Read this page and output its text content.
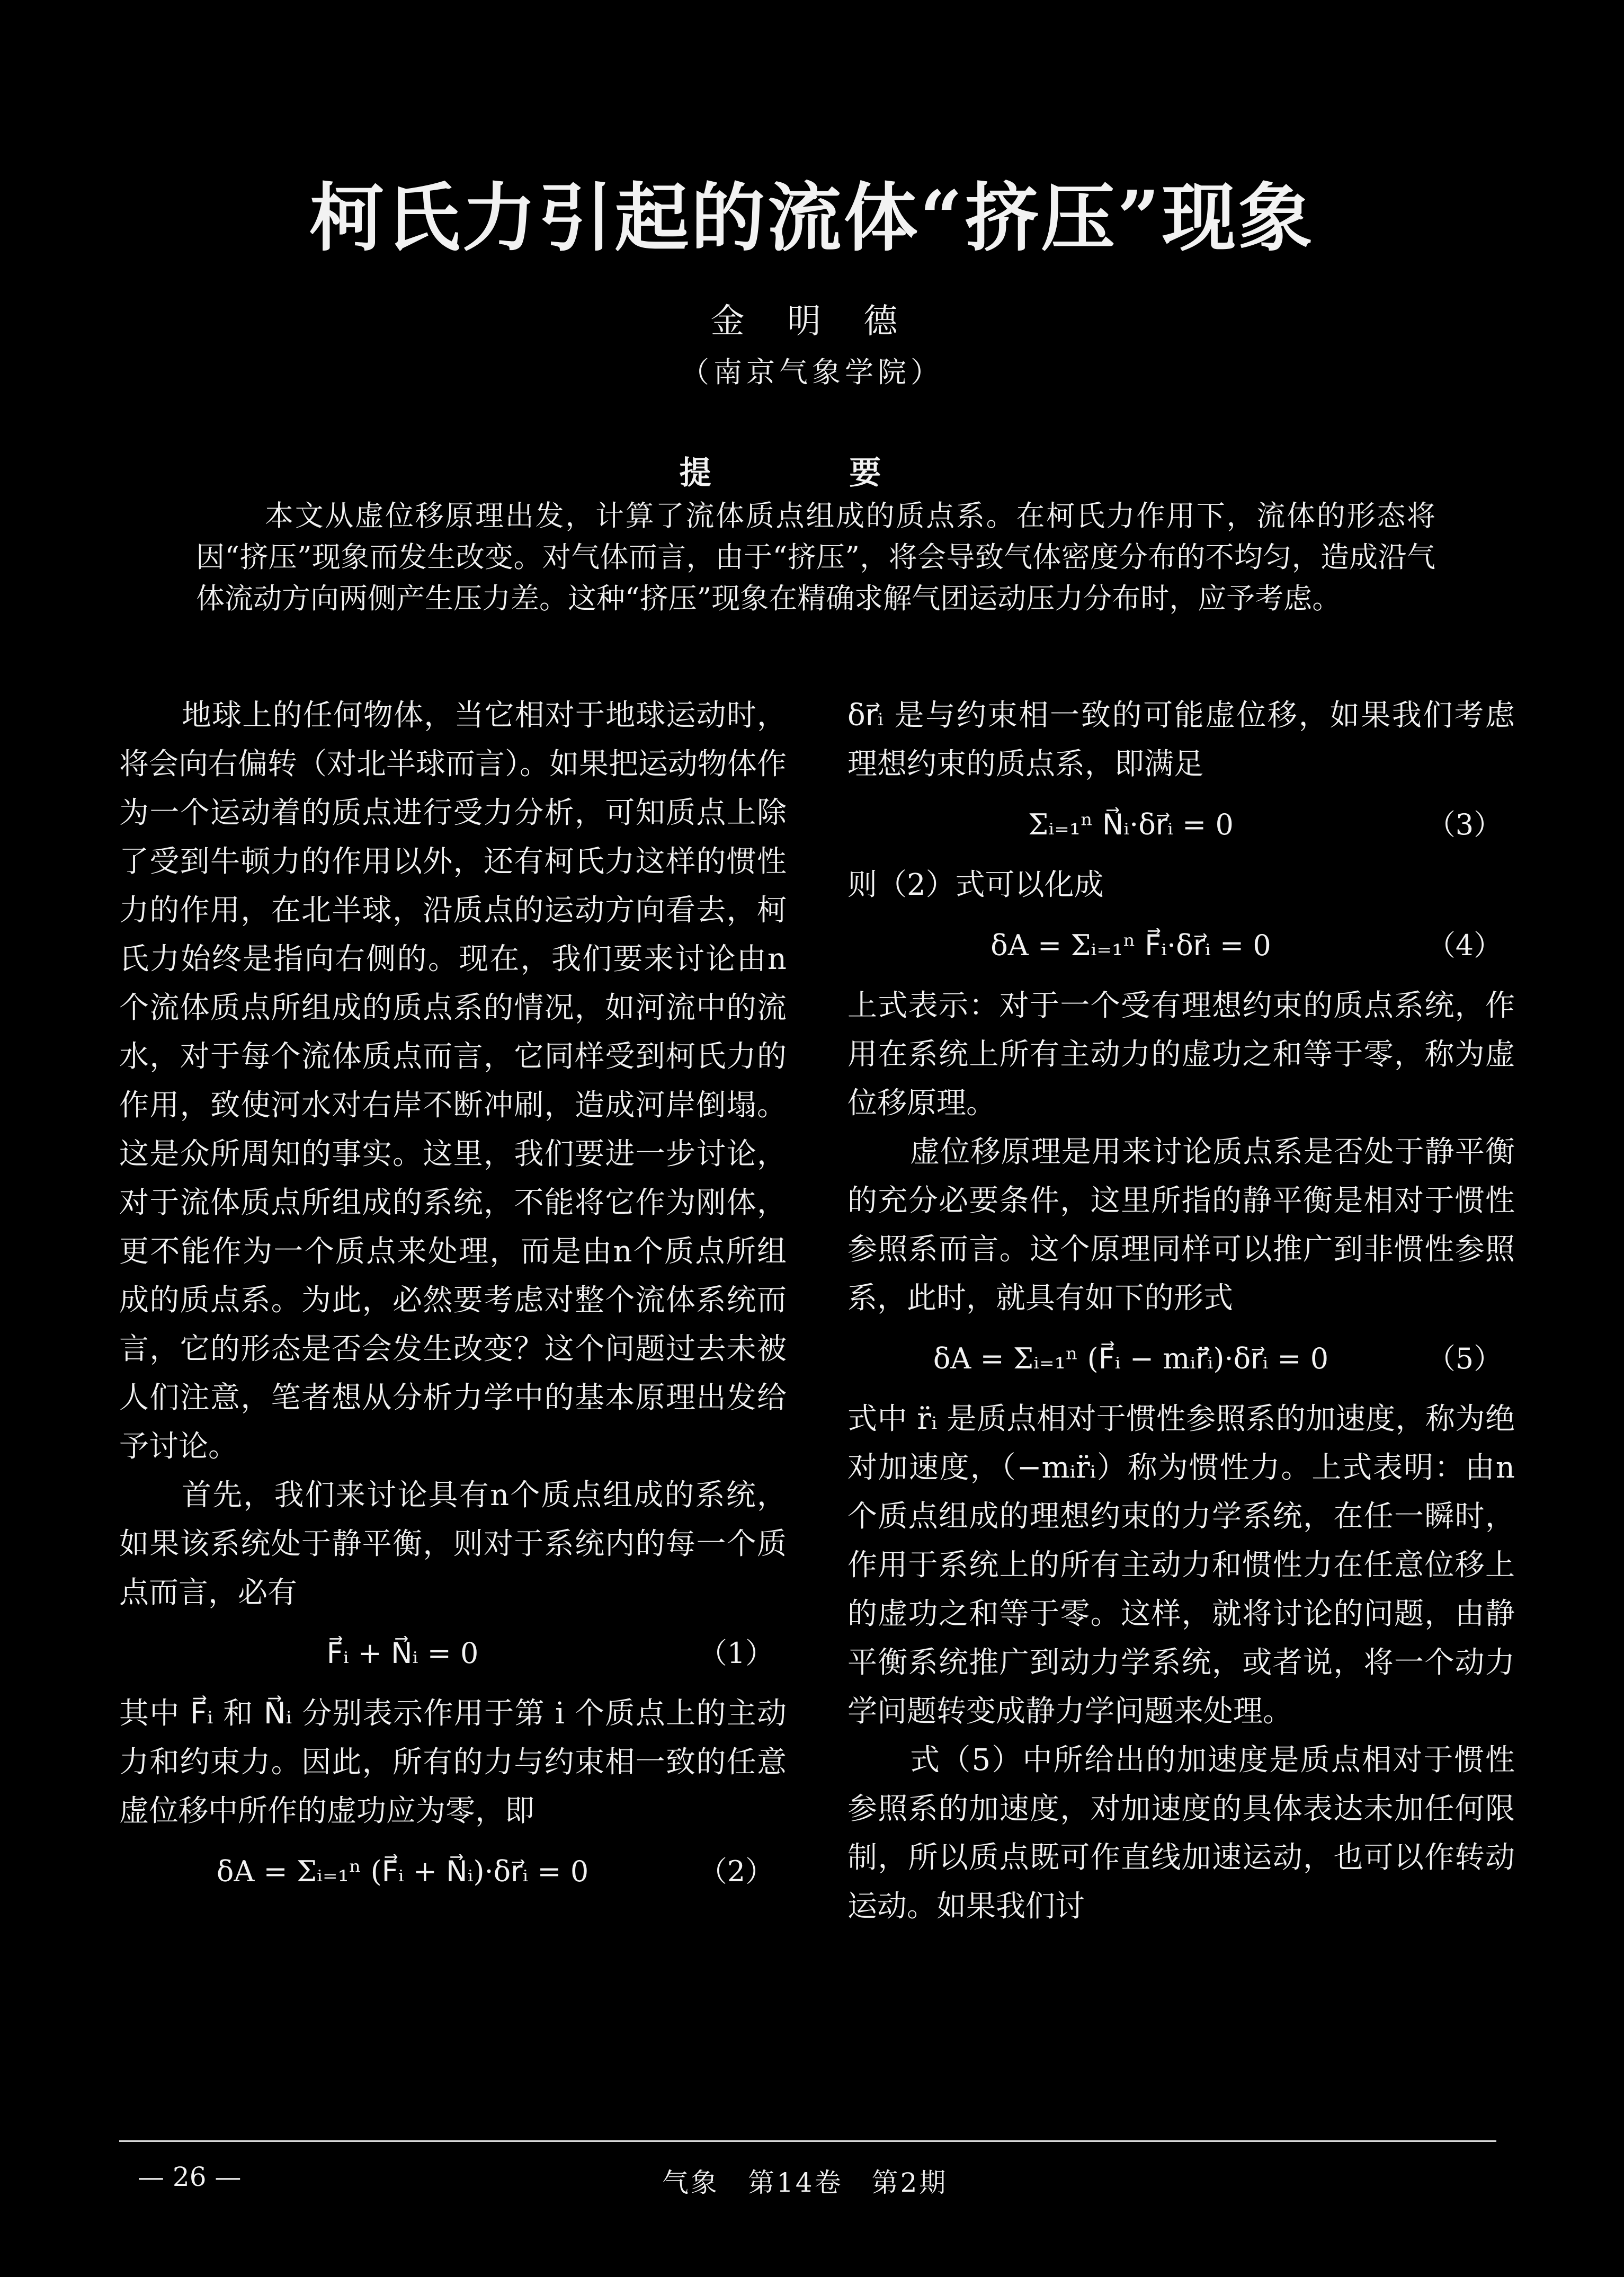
柯氏力引起的流体“挤压”现象
金 明 德
（南京气象学院）
提 要
本文从虚位移原理出发，计算了流体质点组成的质点系。在柯氏力作用下，流体的形态将因“挤压”现象而发生改变。对气体而言，由于“挤压”，将会导致气体密度分布的不均匀，造成沿气体流动方向两侧产生压力差。这种“挤压”现象在精确求解气团运动压力分布时，应予考虑。

地球上的任何物体，当它相对于地球运动时，将会向右偏转（对北半球而言）。如果把运动物体作为一个运动着的质点进行受力分析，可知质点上除了受到牛顿力的作用以外，还有柯氏力这样的惯性力的作用，在北半球，沿质点的运动方向看去，柯氏力始终是指向右侧的。现在，我们要来讨论由n个流体质点所组成的质点系的情况，如河流中的流水，对于每个流体质点而言，它同样受到柯氏力的作用，致使河水对右岸不断冲刷，造成河岸倒塌。这是众所周知的事实。这里，我们要进一步讨论，对于流体质点所组成的系统，不能将它作为刚体，更不能作为一个质点来处理，而是由n个质点所组成的质点系。为此，必然要考虑对整个流体系统而言，它的形态是否会发生改变？这个问题过去未被人们注意，笔者想从分析力学中的基本原理出发给予讨论。

首先，我们来讨论具有n个质点组成的系统，如果该系统处于静平衡，则对于系统内的每一个质点而言，必有

F⃗ᵢ + N⃗ᵢ = 0	（1）

其中 F⃗ᵢ 和 N⃗ᵢ 分别表示作用于第 i 个质点上的主动力和约束力。因此，所有的力与约束相一致的任意虚位移中所作的虚功应为零，即

δA = Σᵢ₌₁ⁿ (F⃗ᵢ + N⃗ᵢ)·δr⃗ᵢ = 0	（2）

δr⃗ᵢ 是与约束相一致的可能虚位移，如果我们考虑理想约束的质点系，即满足

Σᵢ₌₁ⁿ N⃗ᵢ·δr⃗ᵢ = 0	（3）

则（2）式可以化成

δA = Σᵢ₌₁ⁿ F⃗ᵢ·δr⃗ᵢ = 0	（4）

上式表示：对于一个受有理想约束的质点系统，作用在系统上所有主动力的虚功之和等于零，称为虚位移原理。

虚位移原理是用来讨论质点系是否处于静平衡的充分必要条件，这里所指的静平衡是相对于惯性参照系而言。这个原理同样可以推广到非惯性参照系，此时，就具有如下的形式

δA = Σᵢ₌₁ⁿ (F⃗ᵢ − mᵢr̈⃗ᵢ)·δr⃗ᵢ = 0	（5）

式中 r̈ᵢ 是质点相对于惯性参照系的加速度，称为绝对加速度，（−mᵢr̈ᵢ）称为惯性力。上式表明：由n个质点组成的理想约束的力学系统，在任一瞬时，作用于系统上的所有主动力和惯性力在任意位移上的虚功之和等于零。这样，就将讨论的问题，由静平衡系统推广到动力学系统，或者说，将一个动力学问题转变成静力学问题来处理。

式（5）中所给出的加速度是质点相对于惯性参照系的加速度，对加速度的具体表达未加任何限制，所以质点既可作直线加速运动，也可以作转动运动。如果我们讨

— 26 —	气象　第14卷　第2期
